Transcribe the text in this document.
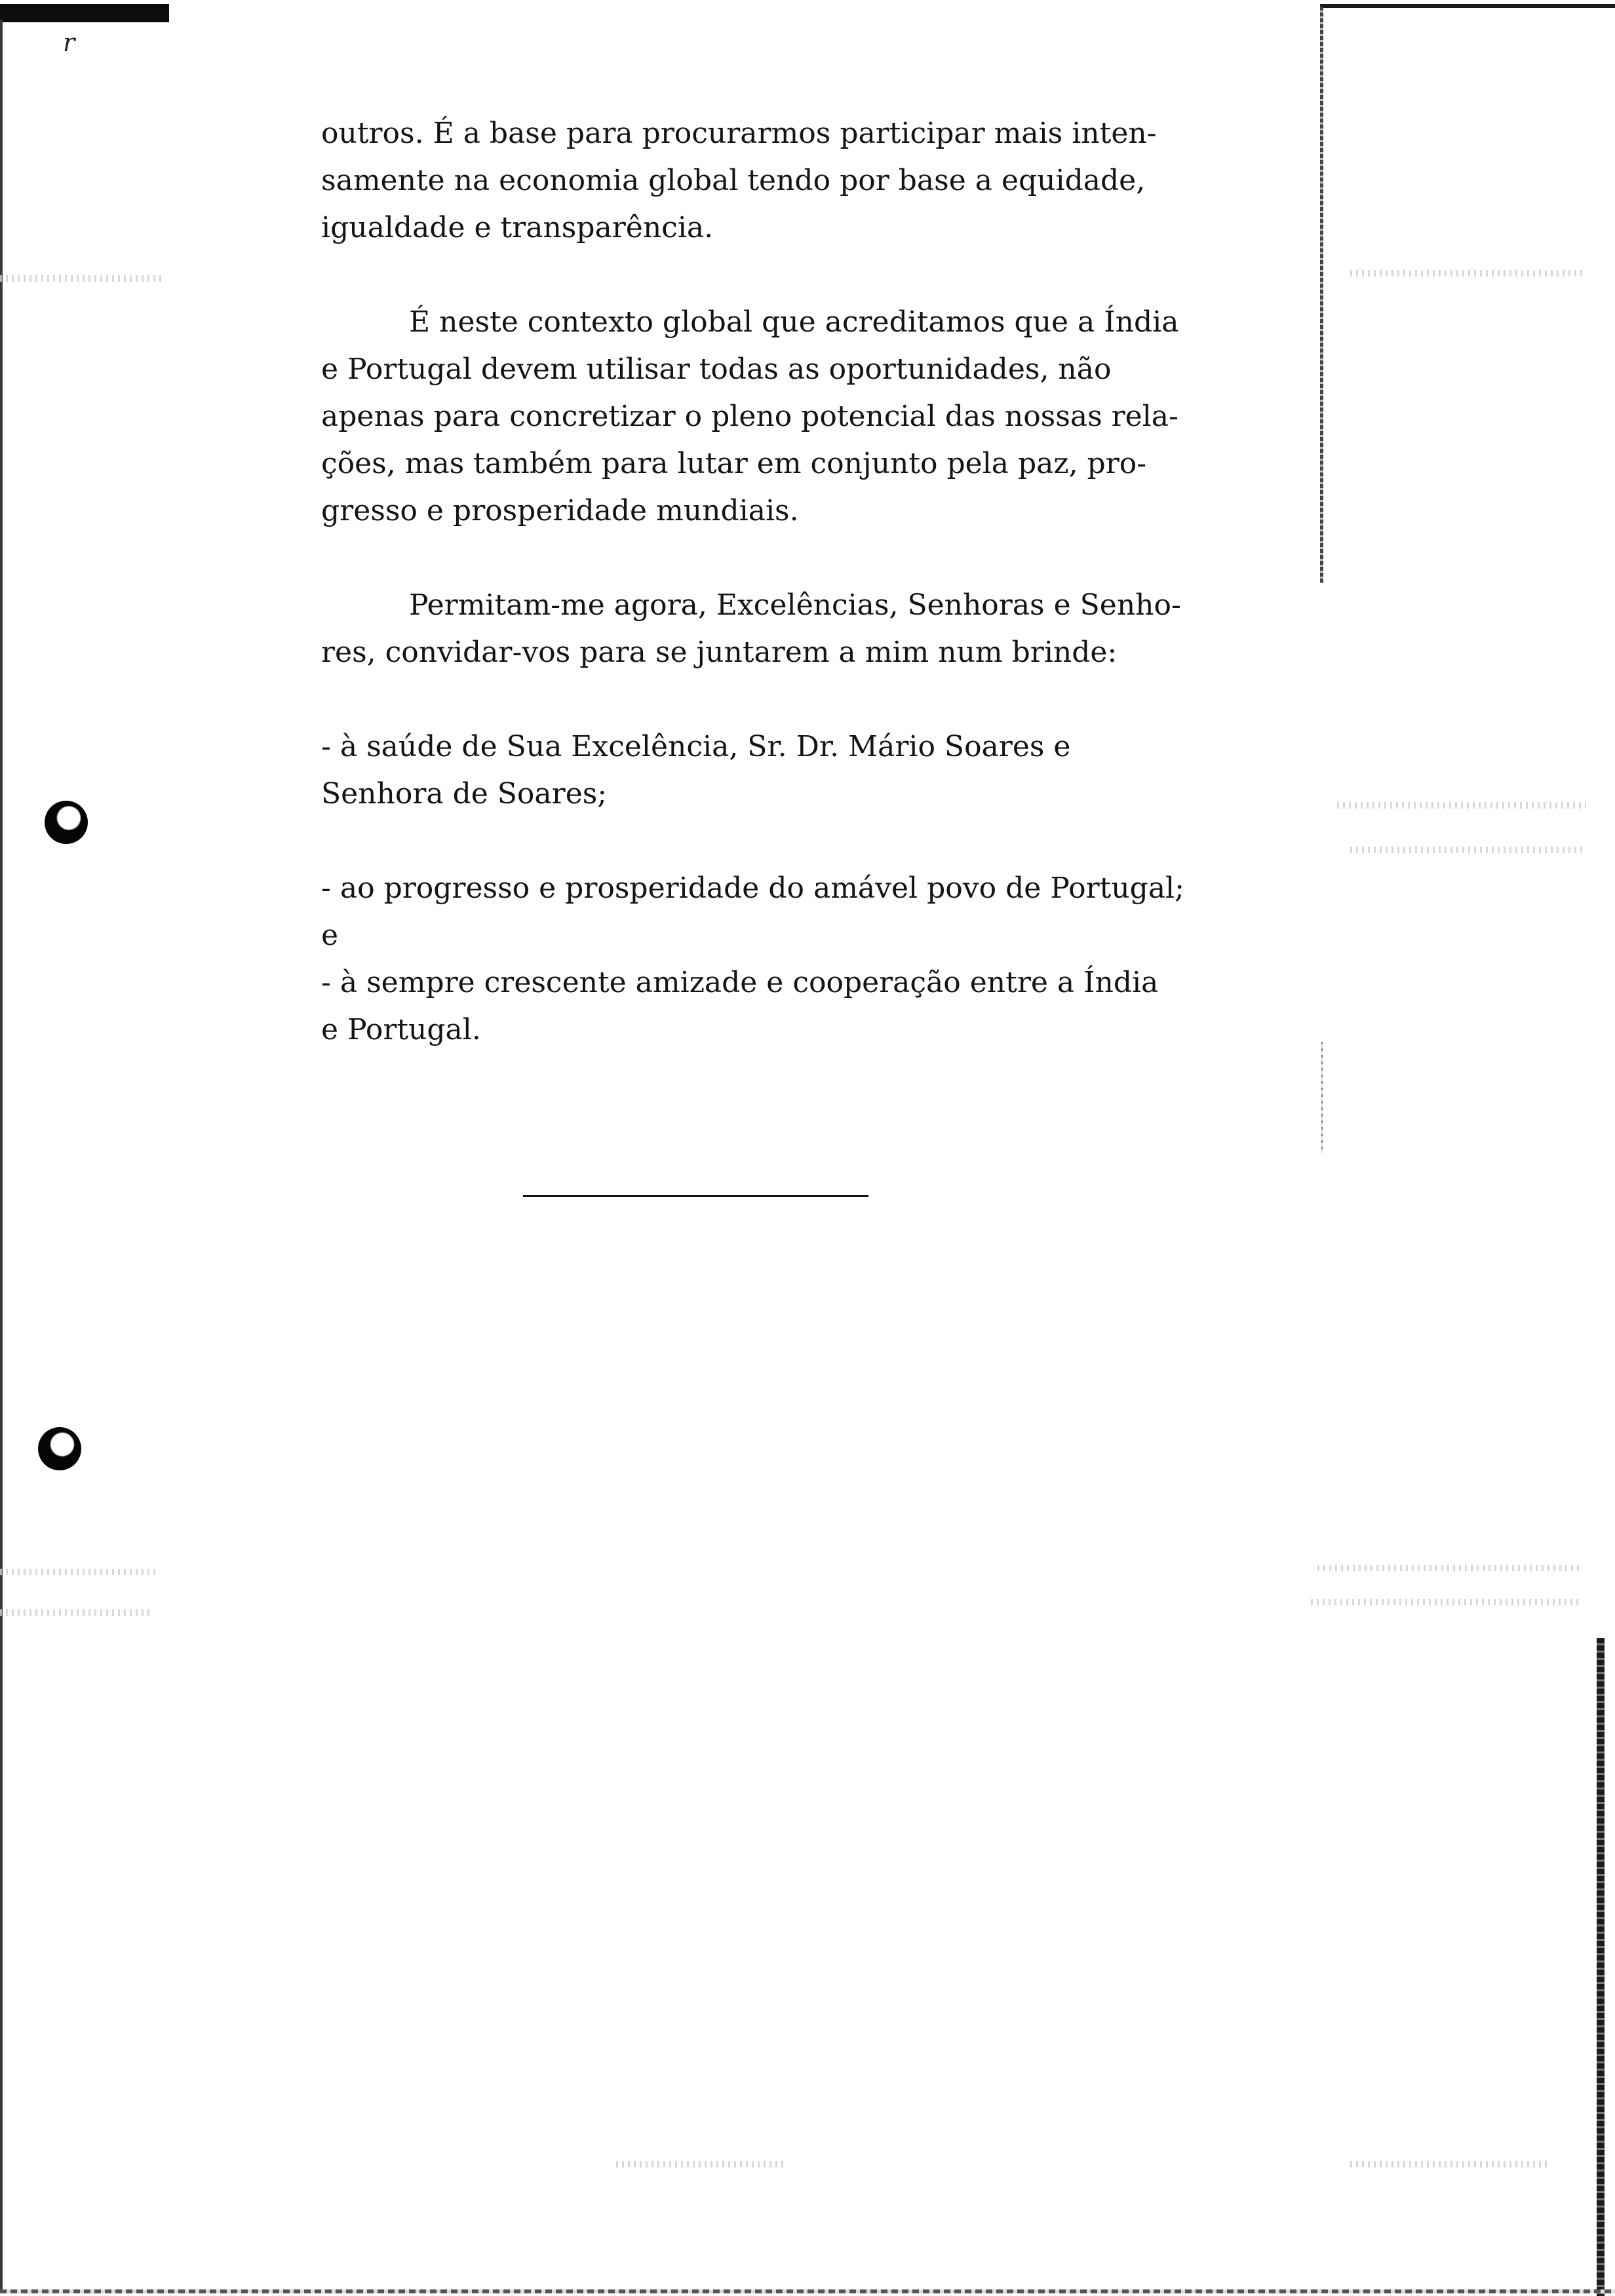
r

outros. É a base para procurarmos participar mais inten-

samente na economia global tendo por base a equidade,

igualdade e transparência.

É neste contexto global que acreditamos que a Índia

e Portugal devem utilisar todas as oportunidades, não

apenas para concretizar o pleno potencial das nossas rela-

ções, mas também para lutar em conjunto pela paz, pro-

gresso e prosperidade mundiais.

Permitam-me agora, Excelências, Senhoras e Senho-

res, convidar-vos para se juntarem a mim num brinde:

- à saúde de Sua Excelência, Sr. Dr. Mário Soares e

Senhora de Soares;

- ao progresso e prosperidade do amável povo de Portugal;

e

- à sempre crescente amizade e cooperação entre a Índia

e Portugal.
